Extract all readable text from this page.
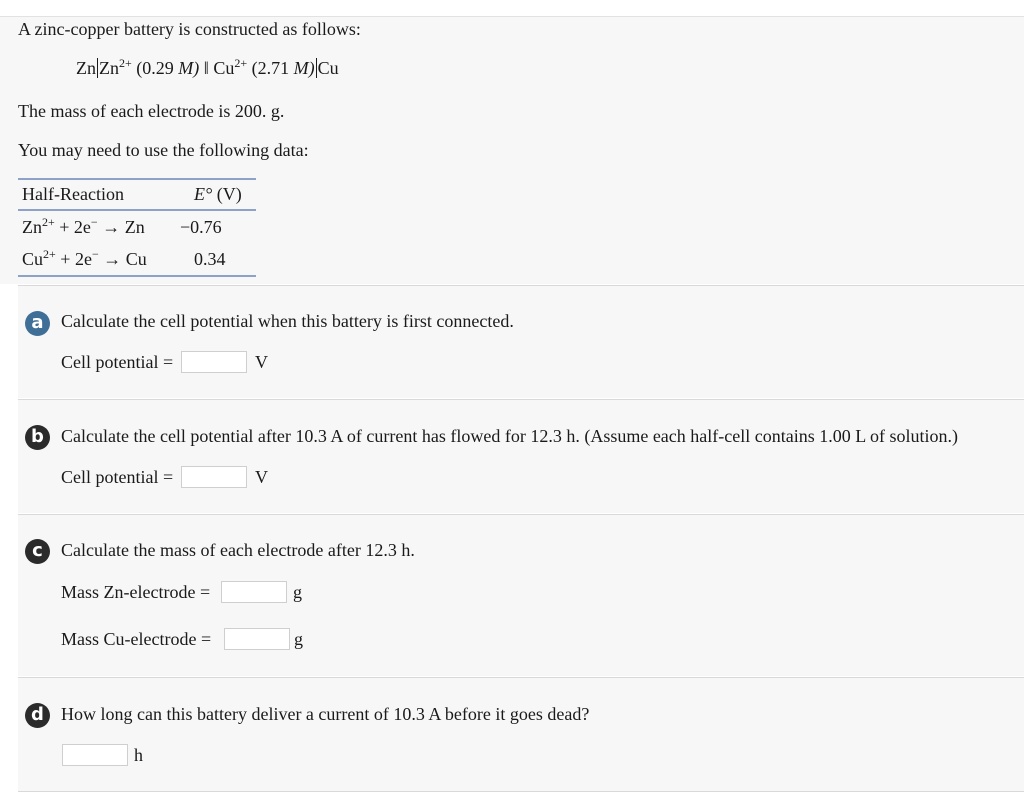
A zinc-copper battery is constructed as follows:
Zn $Zn^{2+}$ (0.29 M) ‖ $Cu^{2+}$ (2.71 M) Cu
The mass of each electrode is 200. g.
You may need to use the following data:
Half-Reaction	E° (V)
$Zn^{2+} + 2e^- \to Zn$	−0.76
$Cu^{2+} + 2e^- \to Cu$	0.34
a Calculate the cell potential when this battery is first connected.
Cell potential =	V
b Calculate the cell potential after 10.3 A of current has flowed for 12.3 h. (Assume each half-cell contains 1.00 L of solution.)
Cell potential =	V
c	Calculate the mass of each electrode after 12.3 h.
Mass Zn-electrode =	g
Mass Cu-electrode =	g
d How long can this battery deliver a current of 10.3 A before it goes dead?
h
